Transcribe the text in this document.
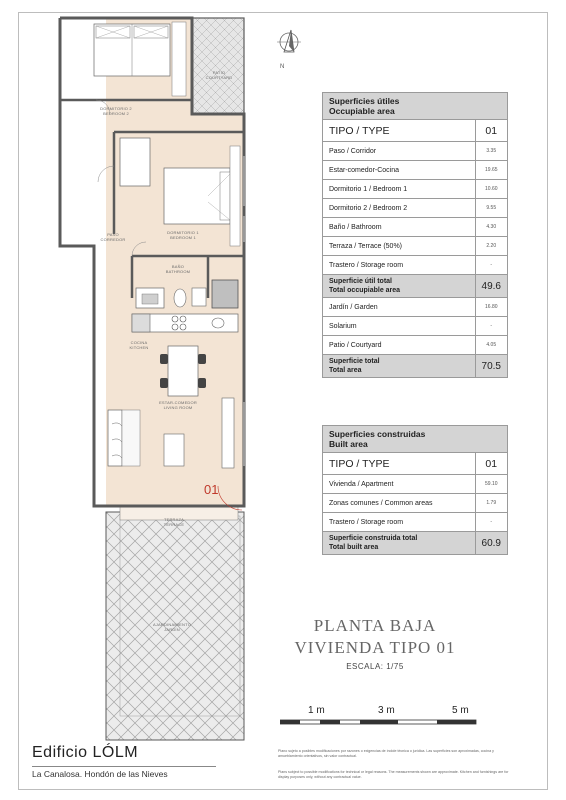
DORMITORIO 2
BEDROOM 2
PATIO
COURTYARD
PASO
CORREDOR
DORMITORIO 1
BEDROOM 1
BAÑO
BATHROOM
COCINA
KITCHEN
ESTAR-COMEDOR
LIVING ROOM
TERRAZA
TERRACE
AJARDINAMIENTO
JARDÍN
01
N
Superficies útiles
Occupiable area	

TIPO / TYPE	01
Paso / Corridor	3.35
Estar-comedor-Cocina	19.65
Dormitorio 1 / Bedroom 1	10.60
Dormitorio 2 / Bedroom 2	9.55
Baño / Bathroom	4.30
Terraza / Terrace (50%)	2.20
Trastero / Storage room	-

Superficie útil total
Total occupiable area	49.6
Jardín / Garden	16.80
Solarium	-
Patio / Courtyard	4.05

Superficie total
Total area	70.5
Superficies construidas
Built area	

TIPO / TYPE	01
Vivienda / Apartment	59.10
Zonas comunes / Common areas	1.79
Trastero / Storage room	-

Superficie construida total
Total built area	60.9
PLANTA BAJA
VIVIENDA TIPO 01
ESCALA: 1/75
1 m	3 m	5 m
Edificio LÓLM
La Canalosa. Hondón de las Nieves
Plano sujeto a posibles modificaciones por razones o exigencias de índole técnica o jurídica. Las superficies son aproximadas, cocina y amueblamiento orientativos, sin valor contractual.
Plans subject to possible modifications for technical or legal reasons. The measurements shown are approximate. Kitchen and furnishings are for display purposes only, without any contractual value.
